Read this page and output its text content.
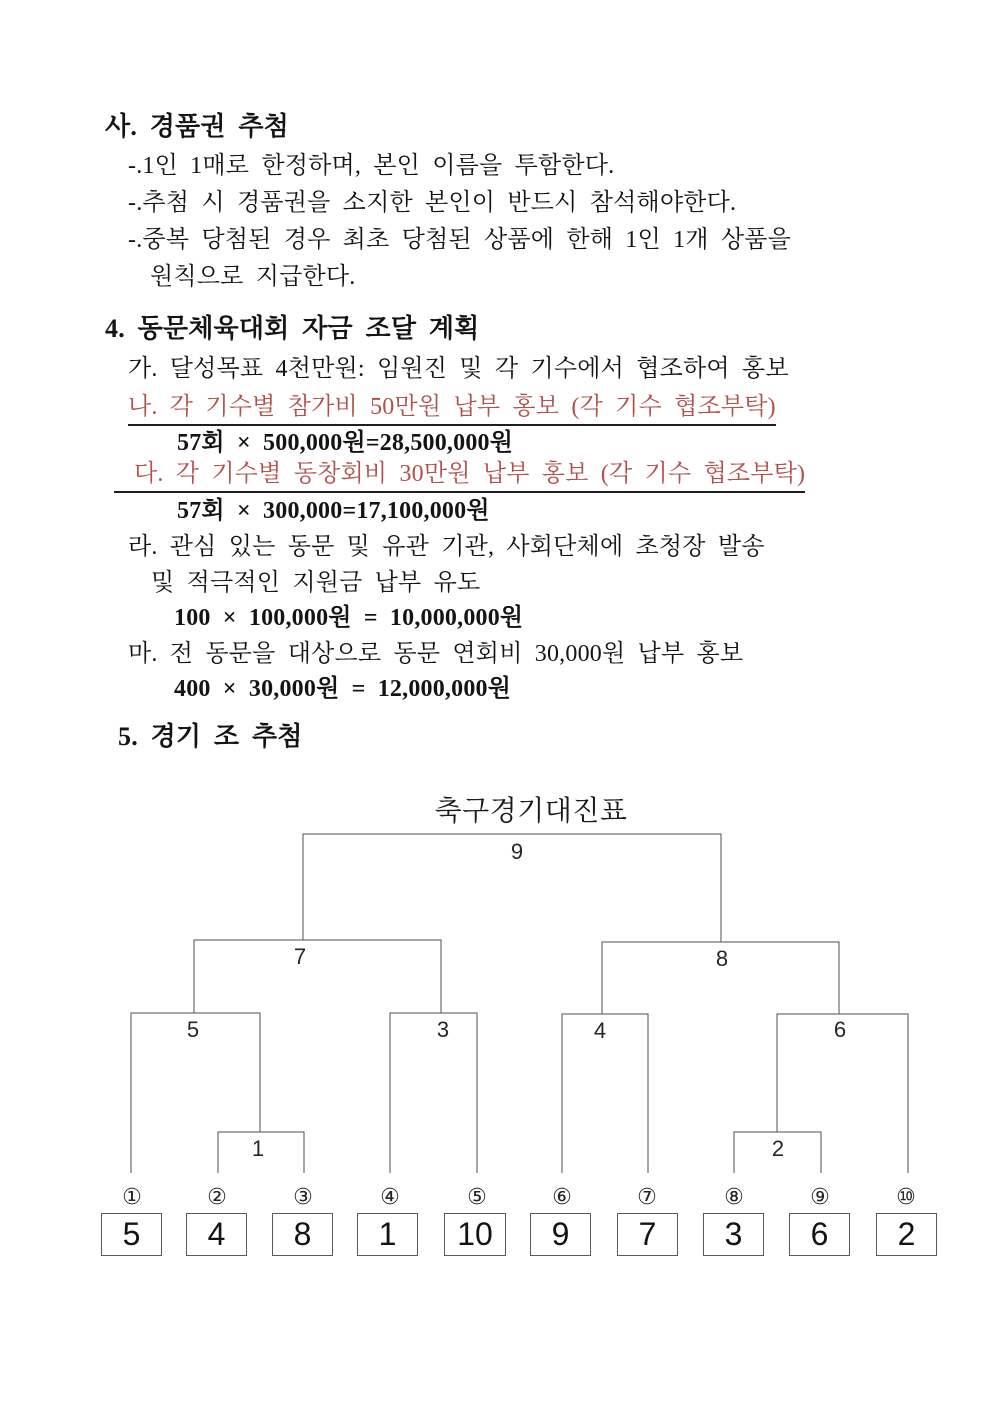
사. 경품권 추첨
-.1인 1매로 한정하며, 본인 이름을 투함한다.
-.추첨 시 경품권을 소지한 본인이 반드시 참석해야한다.
-.중복 당첨된 경우 최초 당첨된 상품에 한해 1인 1개 상품을
원칙으로 지급한다.
4. 동문체육대회 자금 조달 계획
가. 달성목표 4천만원: 임원진 및 각 기수에서 협조하여 홍보
나. 각 기수별 참가비 50만원 납부 홍보 (각 기수 협조부탁)
57회 × 500,000원=28,500,000원
다. 각 기수별 동창회비 30만원 납부 홍보 (각 기수 협조부탁)
57회 × 300,000=17,100,000원
라. 관심 있는 동문 및 유관 기관, 사회단체에 초청장 발송
및 적극적인 지원금 납부 유도
100 × 100,000원 = 10,000,000원
마. 전 동문을 대상으로 동문 연회비 30,000원 납부 홍보
400 × 30,000원 = 12,000,000원
5. 경기 조 추첨
축구경기대진표
9
7	8
5	3	4	6
1	2
①	②	③	④	⑤	⑥	⑦	⑧	⑨	⑩
5	4	8	1	10	9	7	3	6	2
